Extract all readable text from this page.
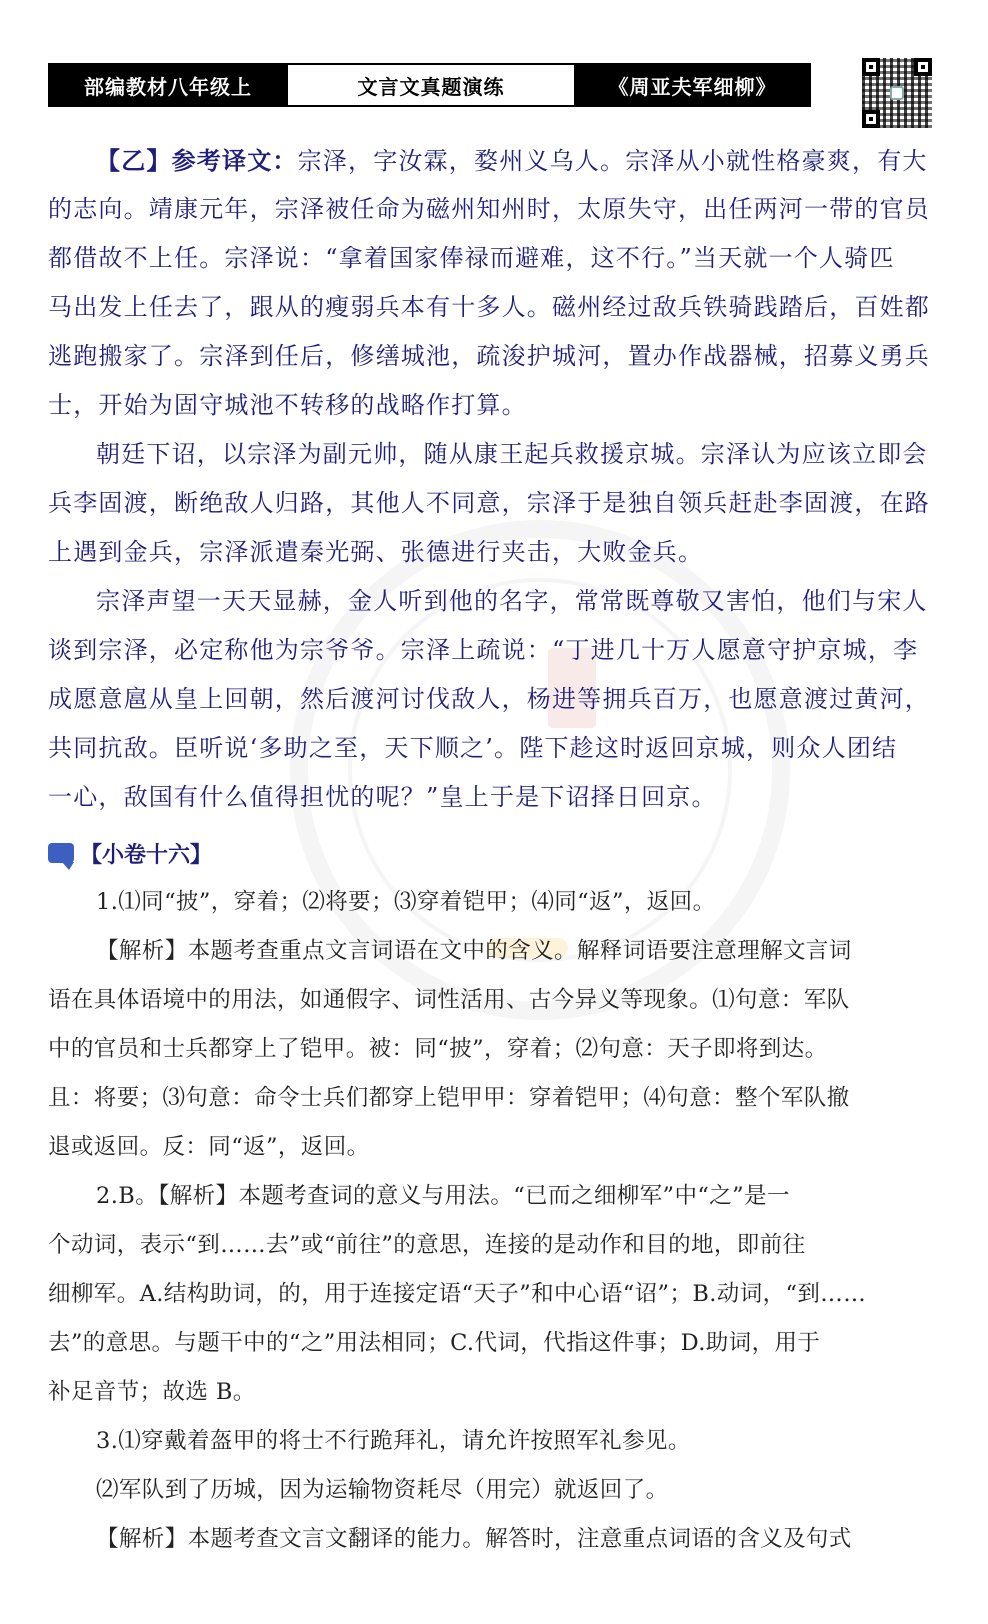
部编教材八年级上	文言文真题演练	《周亚夫军细柳》
【乙】参考译文：宗泽，字汝霖，婺州义乌人。宗泽从小就性格豪爽，有大
的志向。靖康元年，宗泽被任命为磁州知州时，太原失守，出任两河一带的官员
都借故不上任。宗泽说：“拿着国家俸禄而避难，这不行。”当天就一个人骑匹
马出发上任去了，跟从的瘦弱兵本有十多人。磁州经过敌兵铁骑践踏后，百姓都
逃跑搬家了。宗泽到任后，修缮城池，疏浚护城河，置办作战器械，招募义勇兵
士，开始为固守城池不转移的战略作打算。
朝廷下诏，以宗泽为副元帅，随从康王起兵救援京城。宗泽认为应该立即会
兵李固渡，断绝敌人归路，其他人不同意，宗泽于是独自领兵赶赴李固渡，在路
上遇到金兵，宗泽派遣秦光弼、张德进行夹击，大败金兵。
宗泽声望一天天显赫，金人听到他的名字，常常既尊敬又害怕，他们与宋人
谈到宗泽，必定称他为宗爷爷。宗泽上疏说：“丁进几十万人愿意守护京城，李
成愿意扈从皇上回朝，然后渡河讨伐敌人，杨进等拥兵百万，也愿意渡过黄河，
共同抗敌。臣听说‘多助之至，天下顺之’。陛下趁这时返回京城，则众人团结
一心，敌国有什么值得担忧的呢？”皇上于是下诏择日回京。
【小卷十六】
1.⑴同“披”，穿着；⑵将要；⑶穿着铠甲；⑷同“返”，返回。
【解析】本题考查重点文言词语在文中的含义。解释词语要注意理解文言词
语在具体语境中的用法，如通假字、词性活用、古今异义等现象。⑴句意：军队
中的官员和士兵都穿上了铠甲。被：同“披”，穿着；⑵句意：天子即将到达。
且：将要；⑶句意：命令士兵们都穿上铠甲甲：穿着铠甲；⑷句意：整个军队撤
退或返回。反：同“返”，返回。
2.B。【解析】本题考查词的意义与用法。“已而之细柳军”中“之”是一
个动词，表示“到……去”或“前往”的意思，连接的是动作和目的地，即前往
细柳军。A.结构助词，的，用于连接定语“天子”和中心语“诏”；B.动词，“到……
去”的意思。与题干中的“之”用法相同；C.代词，代指这件事；D.助词，用于
补足音节；故选 B。
3.⑴穿戴着盔甲的将士不行跪拜礼，请允许按照军礼参见。
⑵军队到了历城，因为运输物资耗尽（用完）就返回了。
【解析】本题考查文言文翻译的能力。解答时，注意重点词语的含义及句式
